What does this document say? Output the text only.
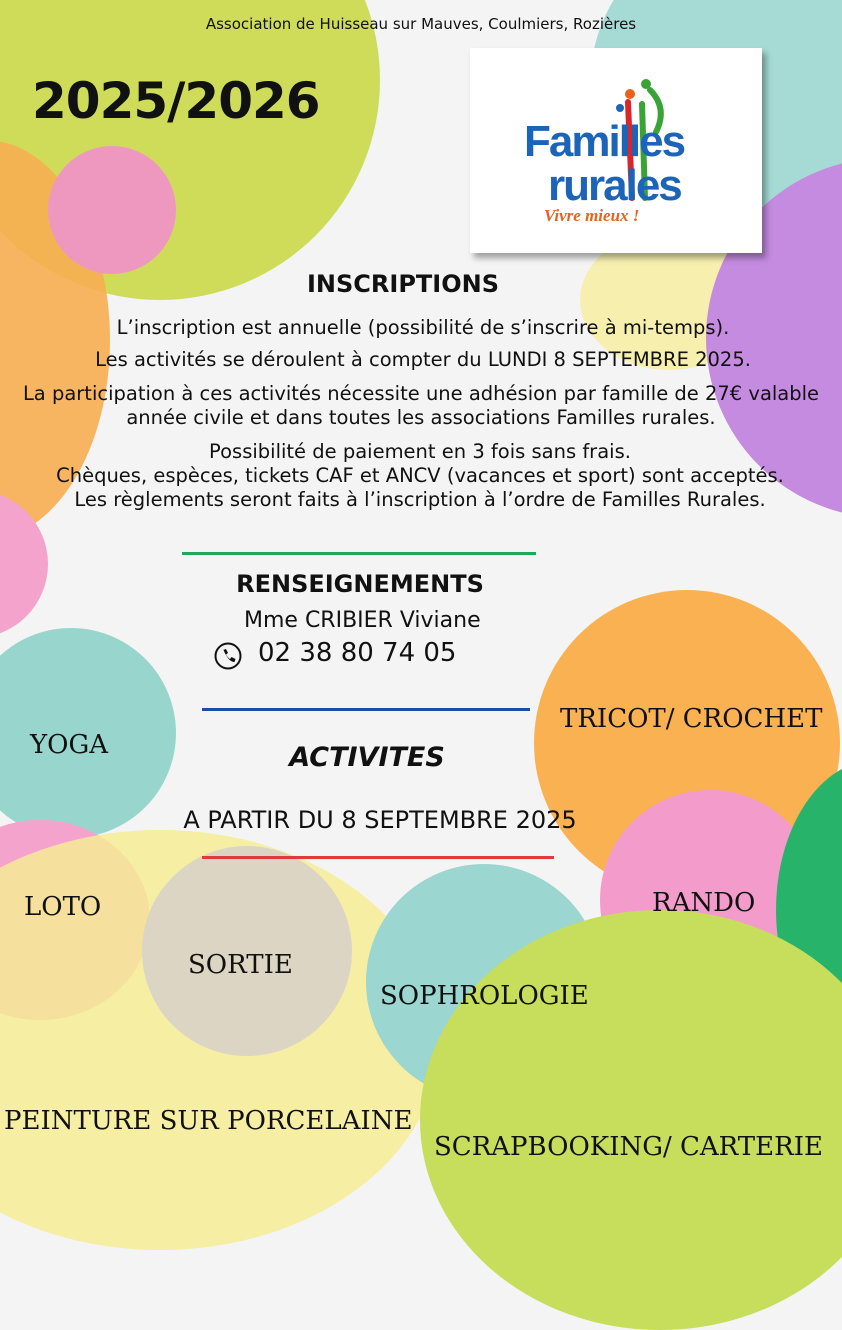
Association de Huisseau sur Mauves, Coulmiers, Rozières
2025/2026
Familles
rurales
Vivre mieux !
INSCRIPTIONS
L’inscription est annuelle (possibilité de s’inscrire à mi-temps).
Les activités se déroulent à compter du LUNDI 8 SEPTEMBRE 2025.
La participation à ces activités nécessite une adhésion par famille de 27€ valable année civile et dans toutes les associations Familles rurales.
Possibilité de paiement en 3 fois sans frais.
Chèques, espèces, tickets CAF et ANCV (vacances et sport) sont acceptés.
Les règlements seront faits à l’inscription à l’ordre de Familles Rurales.
RENSEIGNEMENTS
Mme CRIBIER Viviane
02 38 80 74 05
ACTIVITES
A PARTIR DU 8 SEPTEMBRE 2025
YOGA
TRICOT/ CROCHET
LOTO	RANDO
SORTIE
SOPHROLOGIE
PEINTURE SUR PORCELAINE
SCRAPBOOKING/ CARTERIE
